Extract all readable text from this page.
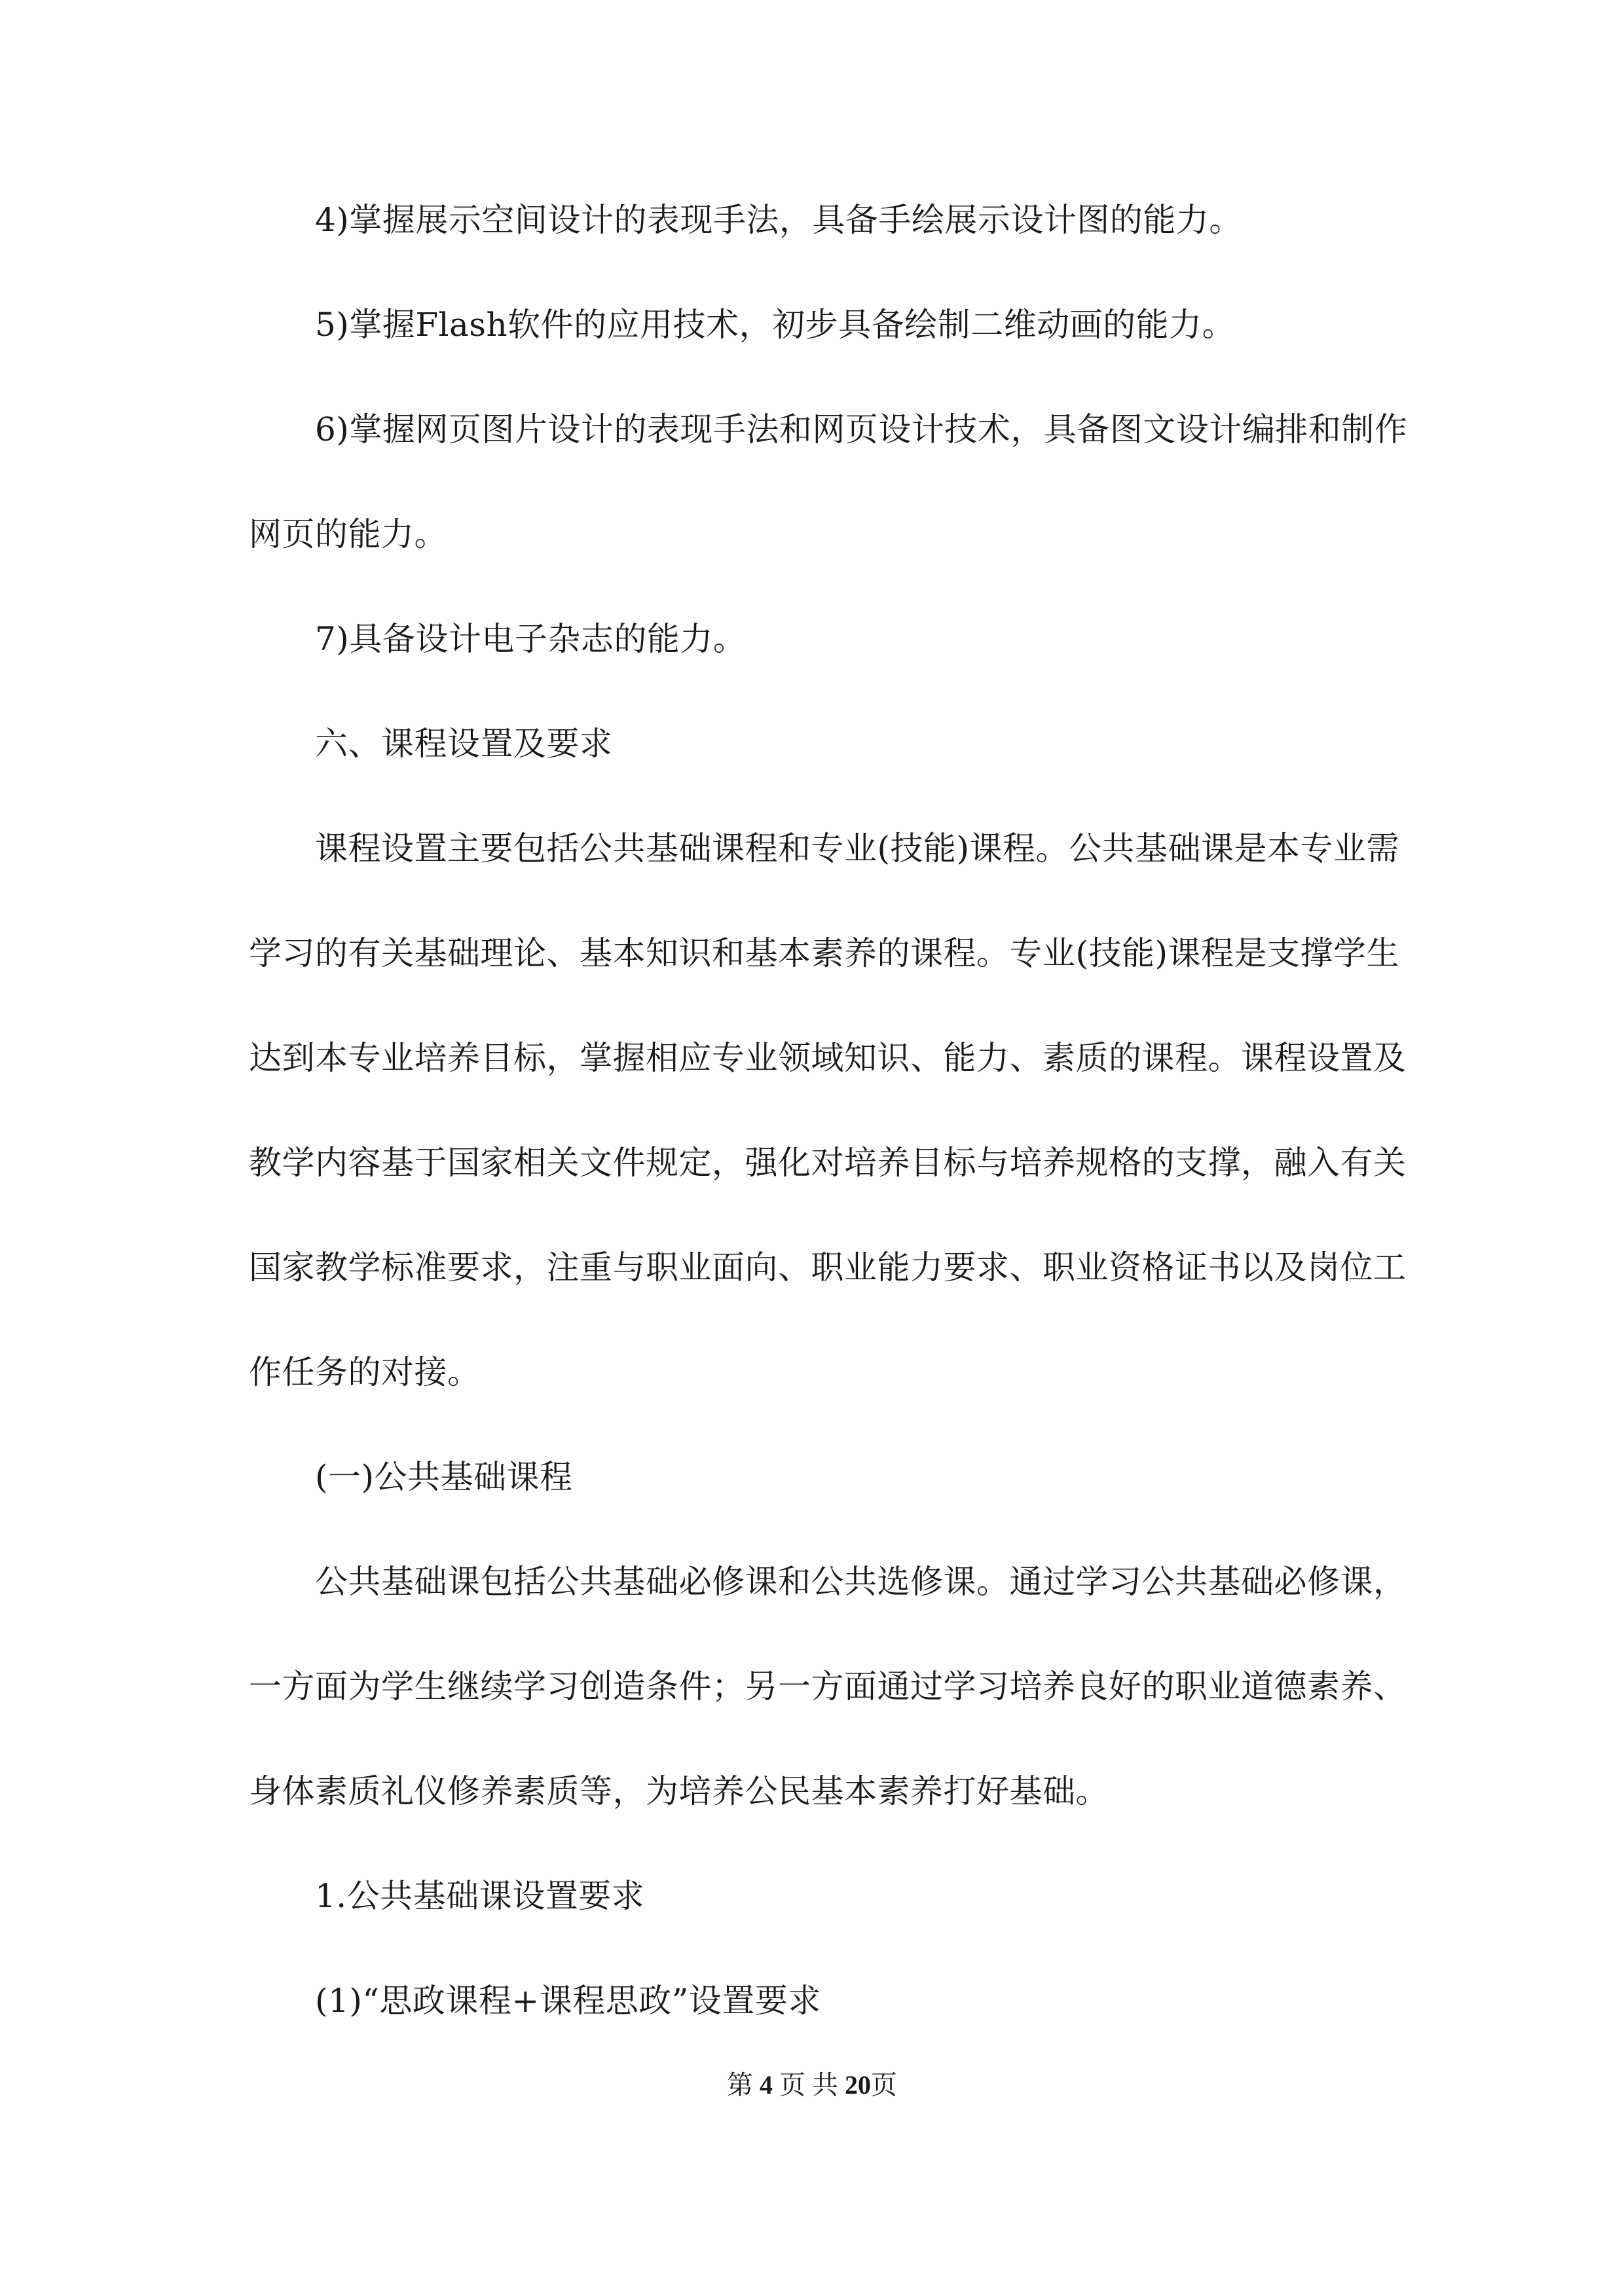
4)掌握展示空间设计的表现手法，具备手绘展示设计图的能力。
5)掌握Flash软件的应用技术，初步具备绘制二维动画的能力。
6)掌握网页图片设计的表现手法和网页设计技术，具备图文设计编排和制作
网页的能力。
7)具备设计电子杂志的能力。
六、课程设置及要求
课程设置主要包括公共基础课程和专业(技能)课程。公共基础课是本专业需
学习的有关基础理论、基本知识和基本素养的课程。专业(技能)课程是支撑学生
达到本专业培养目标，掌握相应专业领域知识、能力、素质的课程。课程设置及
教学内容基于国家相关文件规定，强化对培养目标与培养规格的支撑，融入有关
国家教学标准要求，注重与职业面向、职业能力要求、职业资格证书以及岗位工
作任务的对接。
(一)公共基础课程
公共基础课包括公共基础必修课和公共选修课。通过学习公共基础必修课，
一方面为学生继续学习创造条件；另一方面通过学习培养良好的职业道德素养、
身体素质礼仪修养素质等，为培养公民基本素养打好基础。
1.公共基础课设置要求
(1)“思政课程+课程思政”设置要求
第 4 页 共 20页
